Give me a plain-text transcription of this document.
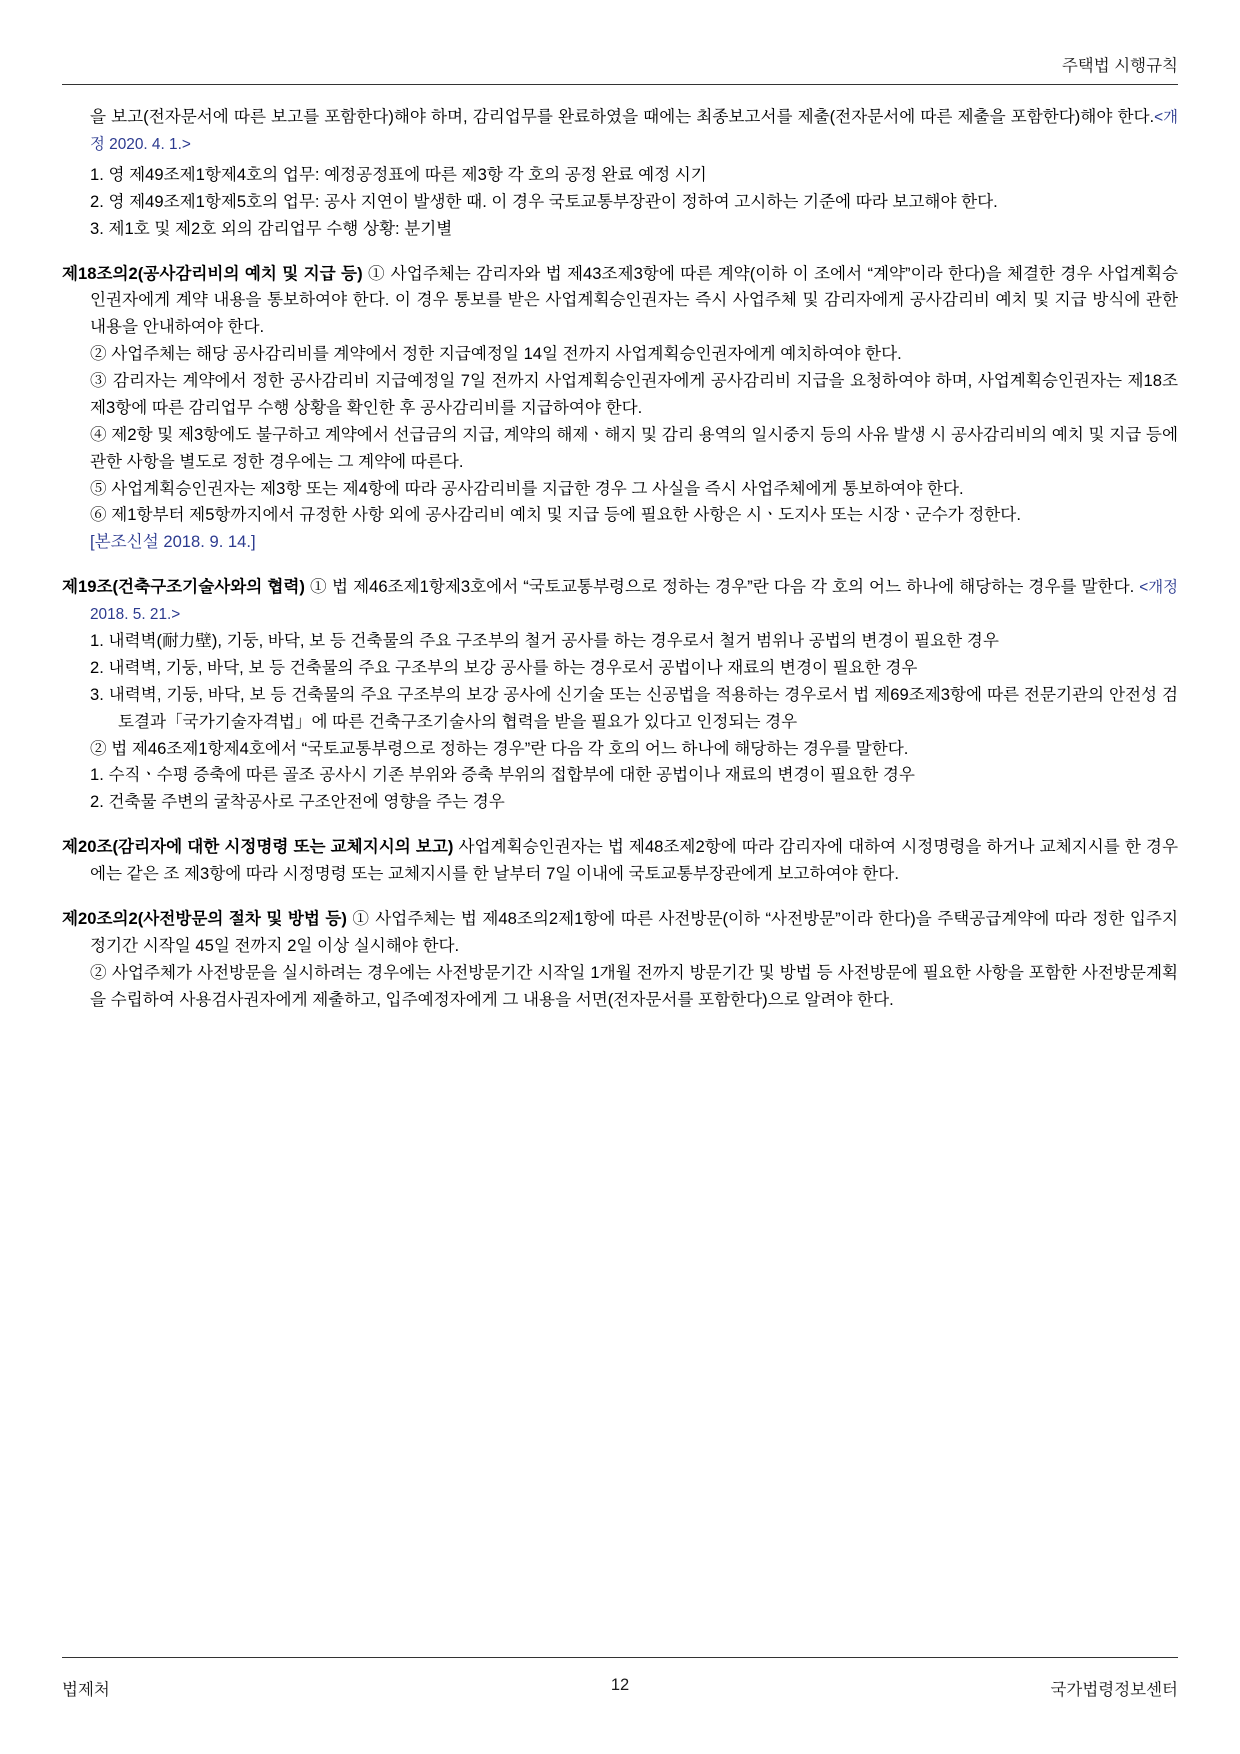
주택법 시행규칙

을 보고(전자문서에 따른 보고를 포함한다)해야 하며, 감리업무를 완료하였을 때에는 최종보고서를 제출(전자문서에 따른 제출을 포함한다)해야 한다.<개정 2020. 4. 1.>

1. 영 제49조제1항제4호의 업무: 예정공정표에 따른 제3항 각 호의 공정 완료 예정 시기

2. 영 제49조제1항제5호의 업무: 공사 지연이 발생한 때. 이 경우 국토교통부장관이 정하여 고시하는 기준에 따라 보고해야 한다.

3. 제1호 및 제2호 외의 감리업무 수행 상황: 분기별

제18조의2(공사감리비의 예치 및 지급 등) ① 사업주체는 감리자와 법 제43조제3항에 따른 계약(이하 이 조에서 “계약”이라 한다)을 체결한 경우 사업계획승인권자에게 계약 내용을 통보하여야 한다. 이 경우 통보를 받은 사업계획승인권자는 즉시 사업주체 및 감리자에게 공사감리비 예치 및 지급 방식에 관한 내용을 안내하여야 한다.

② 사업주체는 해당 공사감리비를 계약에서 정한 지급예정일 14일 전까지 사업계획승인권자에게 예치하여야 한다.

③ 감리자는 계약에서 정한 공사감리비 지급예정일 7일 전까지 사업계획승인권자에게 공사감리비 지급을 요청하여야 하며, 사업계획승인권자는 제18조제3항에 따른 감리업무 수행 상황을 확인한 후 공사감리비를 지급하여야 한다.

④ 제2항 및 제3항에도 불구하고 계약에서 선급금의 지급, 계약의 해제ㆍ해지 및 감리 용역의 일시중지 등의 사유 발생 시 공사감리비의 예치 및 지급 등에 관한 사항을 별도로 정한 경우에는 그 계약에 따른다.

⑤ 사업계획승인권자는 제3항 또는 제4항에 따라 공사감리비를 지급한 경우 그 사실을 즉시 사업주체에게 통보하여야 한다.

⑥ 제1항부터 제5항까지에서 규정한 사항 외에 공사감리비 예치 및 지급 등에 필요한 사항은 시ㆍ도지사 또는 시장ㆍ군수가 정한다.

[본조신설 2018. 9. 14.]

제19조(건축구조기술사와의 협력) ① 법 제46조제1항제3호에서 “국토교통부령으로 정하는 경우”란 다음 각 호의 어느 하나에 해당하는 경우를 말한다. <개정 2018. 5. 21.>

1. 내력벽(耐力壁), 기둥, 바닥, 보 등 건축물의 주요 구조부의 철거 공사를 하는 경우로서 철거 범위나 공법의 변경이 필요한 경우

2. 내력벽, 기둥, 바닥, 보 등 건축물의 주요 구조부의 보강 공사를 하는 경우로서 공법이나 재료의 변경이 필요한 경우

3. 내력벽, 기둥, 바닥, 보 등 건축물의 주요 구조부의 보강 공사에 신기술 또는 신공법을 적용하는 경우로서 법 제69조제3항에 따른 전문기관의 안전성 검토결과「국가기술자격법」에 따른 건축구조기술사의 협력을 받을 필요가 있다고 인정되는 경우

② 법 제46조제1항제4호에서 “국토교통부령으로 정하는 경우”란 다음 각 호의 어느 하나에 해당하는 경우를 말한다.

1. 수직ㆍ수평 증축에 따른 골조 공사시 기존 부위와 증축 부위의 접합부에 대한 공법이나 재료의 변경이 필요한 경우

2. 건축물 주변의 굴착공사로 구조안전에 영향을 주는 경우

제20조(감리자에 대한 시정명령 또는 교체지시의 보고) 사업계획승인권자는 법 제48조제2항에 따라 감리자에 대하여 시정명령을 하거나 교체지시를 한 경우에는 같은 조 제3항에 따라 시정명령 또는 교체지시를 한 날부터 7일 이내에 국토교통부장관에게 보고하여야 한다.

제20조의2(사전방문의 절차 및 방법 등) ① 사업주체는 법 제48조의2제1항에 따른 사전방문(이하 “사전방문”이라 한다)을 주택공급계약에 따라 정한 입주지정기간 시작일 45일 전까지 2일 이상 실시해야 한다.

② 사업주체가 사전방문을 실시하려는 경우에는 사전방문기간 시작일 1개월 전까지 방문기간 및 방법 등 사전방문에 필요한 사항을 포함한 사전방문계획을 수립하여 사용검사권자에게 제출하고, 입주예정자에게 그 내용을 서면(전자문서를 포함한다)으로 알려야 한다.

법제처	12	국가법령정보센터
